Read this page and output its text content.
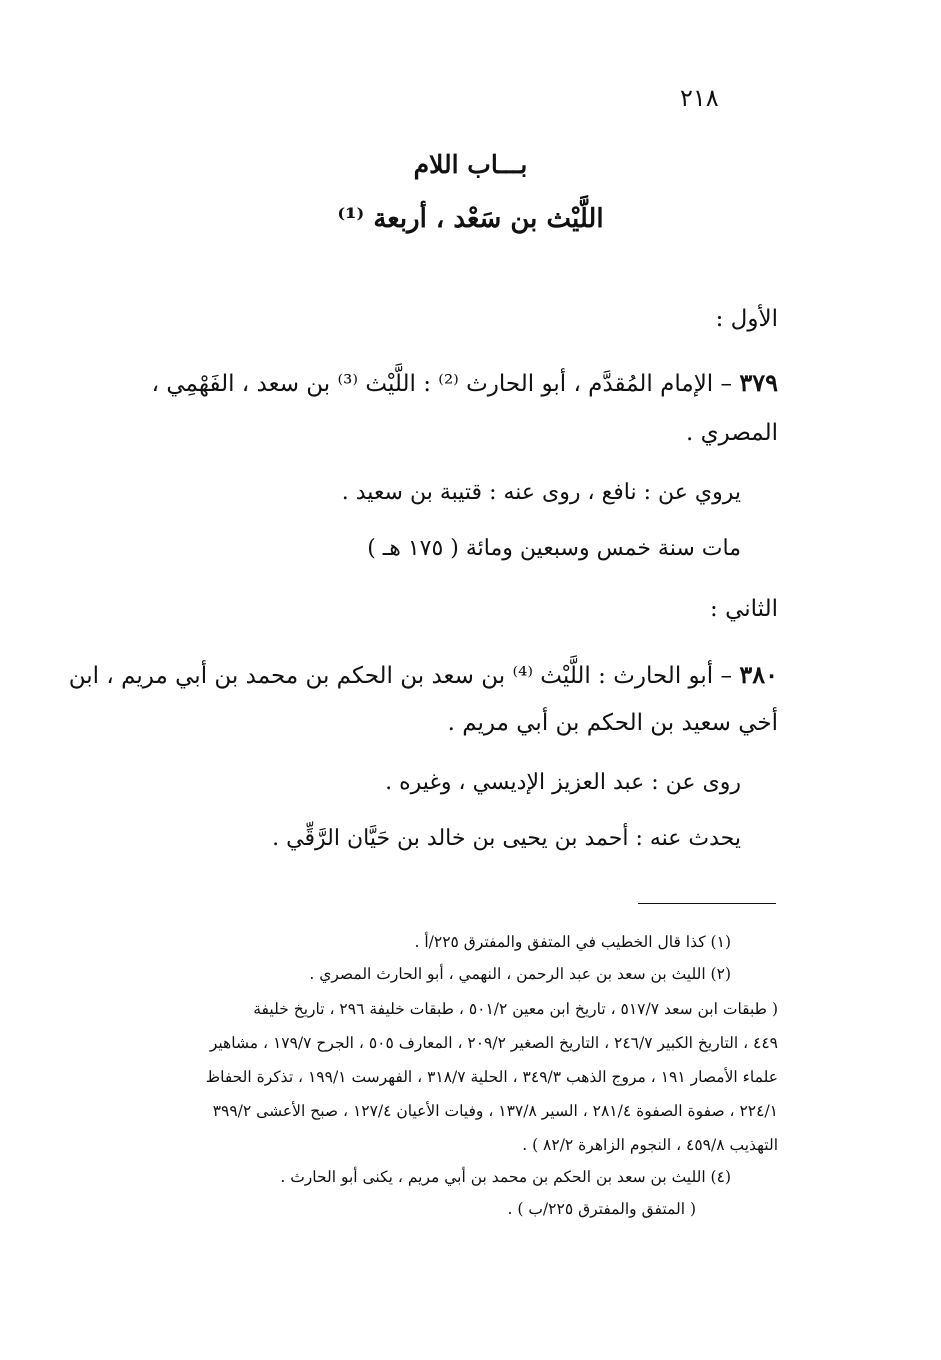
٢١٨
بـــاب اللام
اللَّيْث بن سَعْد ، أربعة ⁽¹⁾
الأول :
٣٧٩ – الإمام المُقدَّم ، أبو الحارث ⁽²⁾ : اللَّيْث ⁽³⁾ بن سعد ، الفَهْمِي ،
المصري .
يروي عن : نافع ، روى عنه : قتيبة بن سعيد .
مات سنة خمس وسبعين ومائة ( ١٧٥ هـ )
الثاني :
٣٨٠ – أبو الحارث : اللَّيْث ⁽⁴⁾ بن سعد بن الحكم بن محمد بن أبي مريم ، ابن
أخي سعيد بن الحكم بن أبي مريم .
روى عن : عبد العزيز الإديسي ، وغيره .
يحدث عنه : أحمد بن يحيى بن خالد بن حَيَّان الرَّقِّي .
(١) كذا قال الخطيب في المتفق والمفترق ٢٢٥/أ .
(٢) الليث بن سعد بن عبد الرحمن ، النهمي ، أبو الحارث المصري .
( طبقات ابن سعد ٥١٧/٧ ، تاريخ ابن معين ٥٠١/٢ ، طبقات خليفة ٢٩٦ ، تاريخ خليفة
٤٤٩ ، التاريخ الكبير ٢٤٦/٧ ، التاريخ الصغير ٢٠٩/٢ ، المعارف ٥٠٥ ، الجرح ١٧٩/٧ ، مشاهير
علماء الأمصار ١٩١ ، مروج الذهب ٣٤٩/٣ ، الحلية ٣١٨/٧ ، الفهرست ١٩٩/١ ، تذكرة الحفاظ
٢٢٤/١ ، صفوة الصفوة ٢٨١/٤ ، السير ١٣٧/٨ ، وفيات الأعيان ١٢٧/٤ ، صبح الأعشى ٣٩٩/٢
التهذيب ٤٥٩/٨ ، النجوم الزاهرة ٨٢/٢ ) .
(٤) الليث بن سعد بن الحكم بن محمد بن أبي مريم ، يكنى أبو الحارث .
( المتفق والمفترق ٢٢٥/ب ) .
